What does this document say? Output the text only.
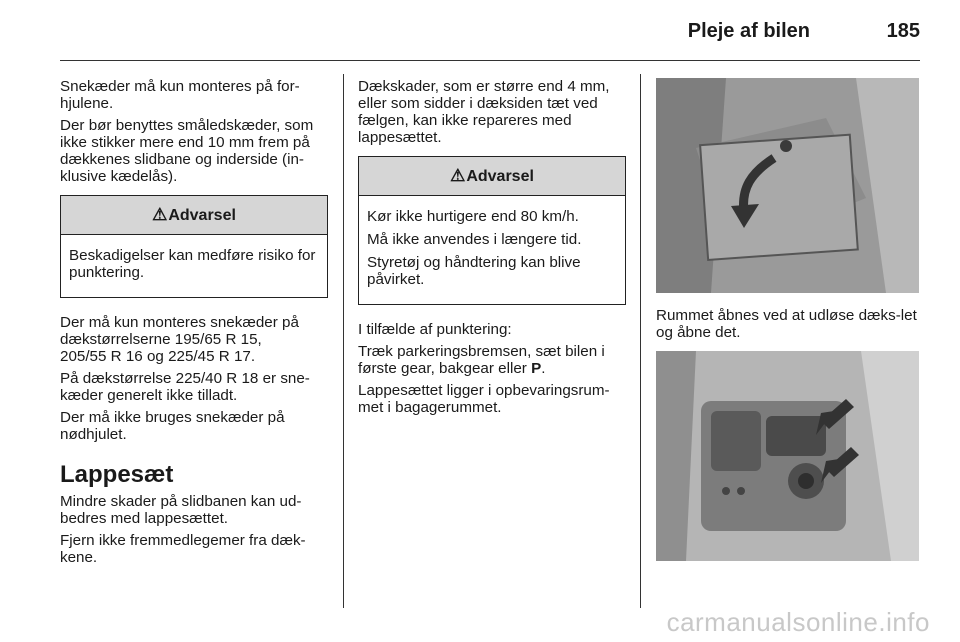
Pleje af bilen	185

Snekæder må kun monteres på for-hjulene.

Der bør benyttes småledskæder, som ikke stikker mere end 10 mm frem på dækkenes slidbane og inderside (in-klusive kædelås).

⚠Advarsel

Beskadigelser kan medføre risiko for punktering.

Der må kun monteres snekæder på dækstørrelserne 195/65 R 15,
205/55 R 16 og 225/45 R 17.

På dækstørrelse 225/40 R 18 er sne-kæder generelt ikke tilladt.

Der må ikke bruges snekæder på nødhjulet.

Lappesæt

Mindre skader på slidbanen kan ud-bedres med lappesættet.

Fjern ikke fremmedlegemer fra dæk-kene.

Dækskader, som er større end 4 mm, eller som sidder i dæksiden tæt ved fælgen, kan ikke repareres med lappesættet.

⚠Advarsel

Kør ikke hurtigere end 80 km/h.

Må ikke anvendes i længere tid.

Styretøj og håndtering kan blive påvirket.

I tilfælde af punktering:

Træk parkeringsbremsen, sæt bilen i første gear, bakgear eller P.

Lappesættet ligger i opbevaringsrum-met i bagagerummet.

Rummet åbnes ved at udløse dæks-let og åbne det.

carmanualsonline.info
